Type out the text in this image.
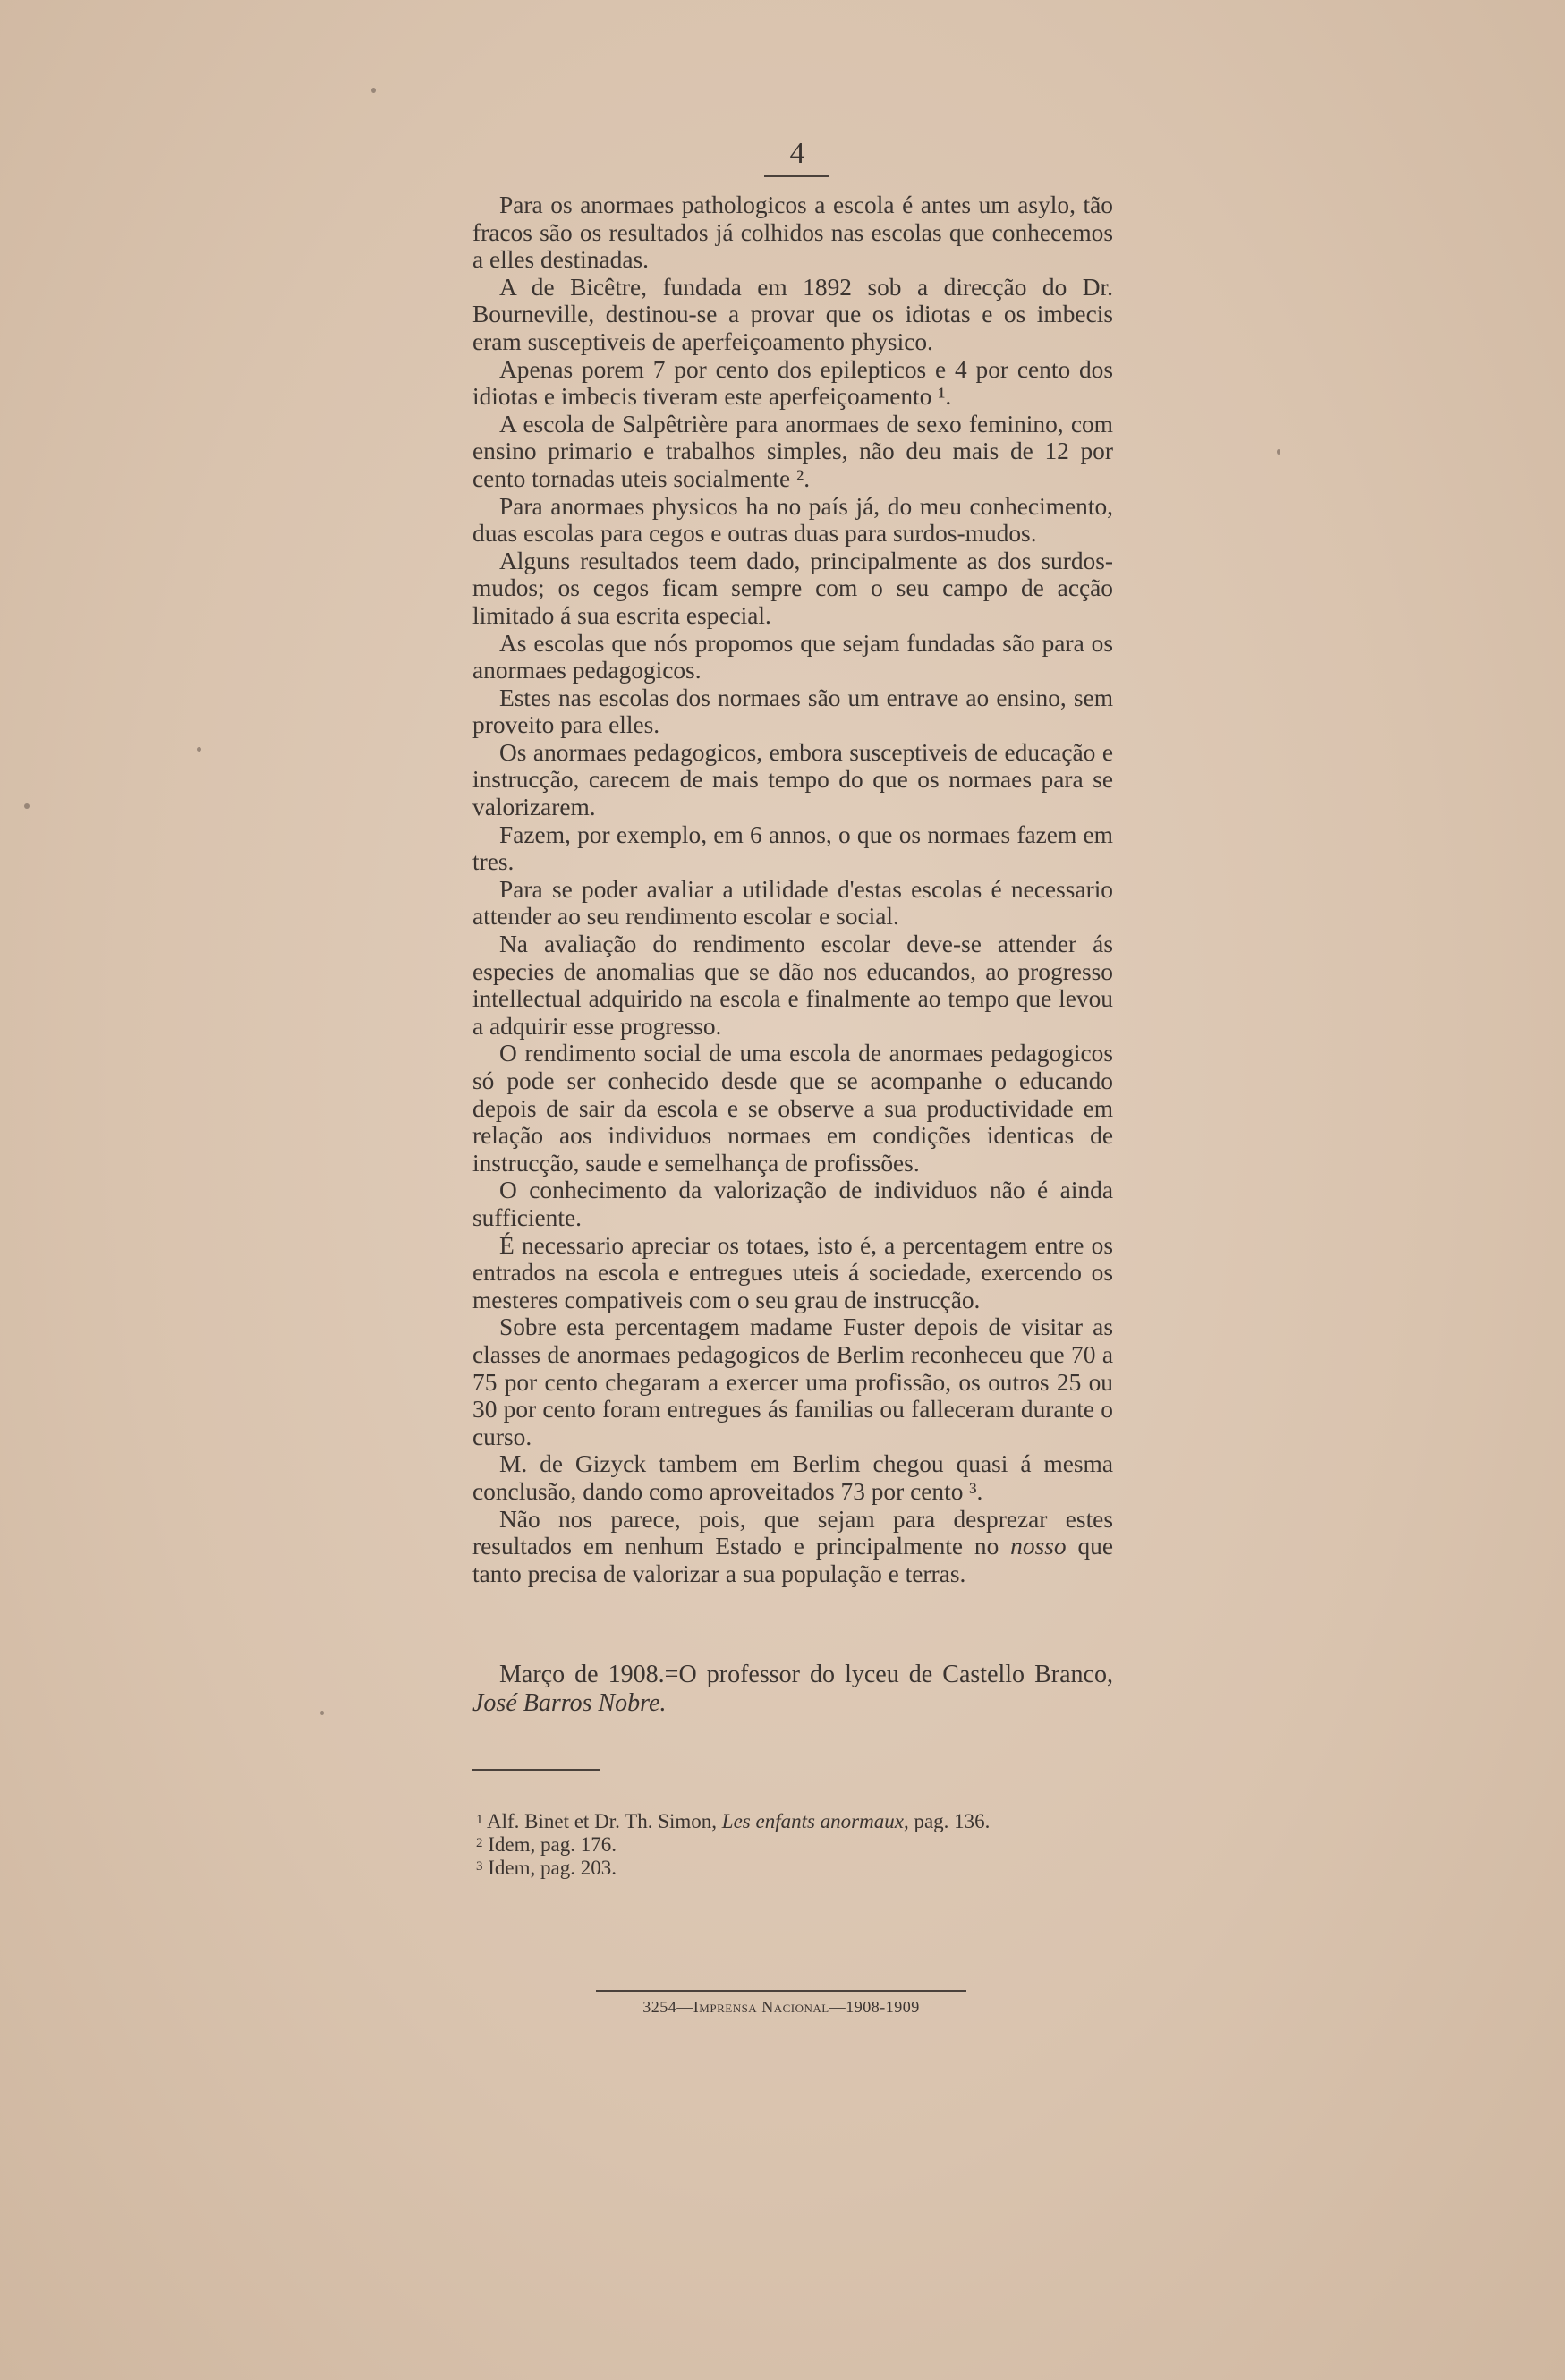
4

Para os anormaes pathologicos a escola é antes um asylo, tão fracos são os resultados já colhidos nas escolas que conhecemos a elles destinadas.

A de Bicêtre, fundada em 1892 sob a direcção do Dr. Bourneville, destinou-se a provar que os idiotas e os imbecis eram susceptiveis de aperfeiçoamento physico.

Apenas porem 7 por cento dos epilepticos e 4 por cento dos idiotas e imbecis tiveram este aperfeiçoamento ¹.

A escola de Salpêtrière para anormaes de sexo feminino, com ensino primario e trabalhos simples, não deu mais de 12 por cento tornadas uteis socialmente ².

Para anormaes physicos ha no país já, do meu conhecimento, duas escolas para cegos e outras duas para surdos-mudos.

Alguns resultados teem dado, principalmente as dos surdos-mudos; os cegos ficam sempre com o seu campo de acção limitado á sua escrita especial.

As escolas que nós propomos que sejam fundadas são para os anormaes pedagogicos.

Estes nas escolas dos normaes são um entrave ao ensino, sem proveito para elles.

Os anormaes pedagogicos, embora susceptiveis de educação e instrucção, carecem de mais tempo do que os normaes para se valorizarem.

Fazem, por exemplo, em 6 annos, o que os normaes fazem em tres.

Para se poder avaliar a utilidade d'estas escolas é necessario attender ao seu rendimento escolar e social.

Na avaliação do rendimento escolar deve-se attender ás especies de anomalias que se dão nos educandos, ao progresso intellectual adquirido na escola e finalmente ao tempo que levou a adquirir esse progresso.

O rendimento social de uma escola de anormaes pedagogicos só pode ser conhecido desde que se acompanhe o educando depois de sair da escola e se observe a sua productividade em relação aos individuos normaes em condições identicas de instrucção, saude e semelhança de profissões.

O conhecimento da valorização de individuos não é ainda sufficiente.

É necessario apreciar os totaes, isto é, a percentagem entre os entrados na escola e entregues uteis á sociedade, exercendo os mesteres compativeis com o seu grau de instrucção.

Sobre esta percentagem madame Fuster depois de visitar as classes de anormaes pedagogicos de Berlim reconheceu que 70 a 75 por cento chegaram a exercer uma profissão, os outros 25 ou 30 por cento foram entregues ás familias ou falleceram durante o curso.

M. de Gizyck tambem em Berlim chegou quasi á mesma conclusão, dando como aproveitados 73 por cento ³.

Não nos parece, pois, que sejam para desprezar estes resultados em nenhum Estado e principalmente no nosso que tanto precisa de valorizar a sua população e terras.

Março de 1908.=O professor do lyceu de Castello Branco, José Barros Nobre.

$^1$ Alf. Binet et Dr. Th. Simon, Les enfants anormaux, pag. 136.

$^2$ Idem, pag. 176.

$^3$ Idem, pag. 203.

3254—Imprensa Nacional—1908-1909
